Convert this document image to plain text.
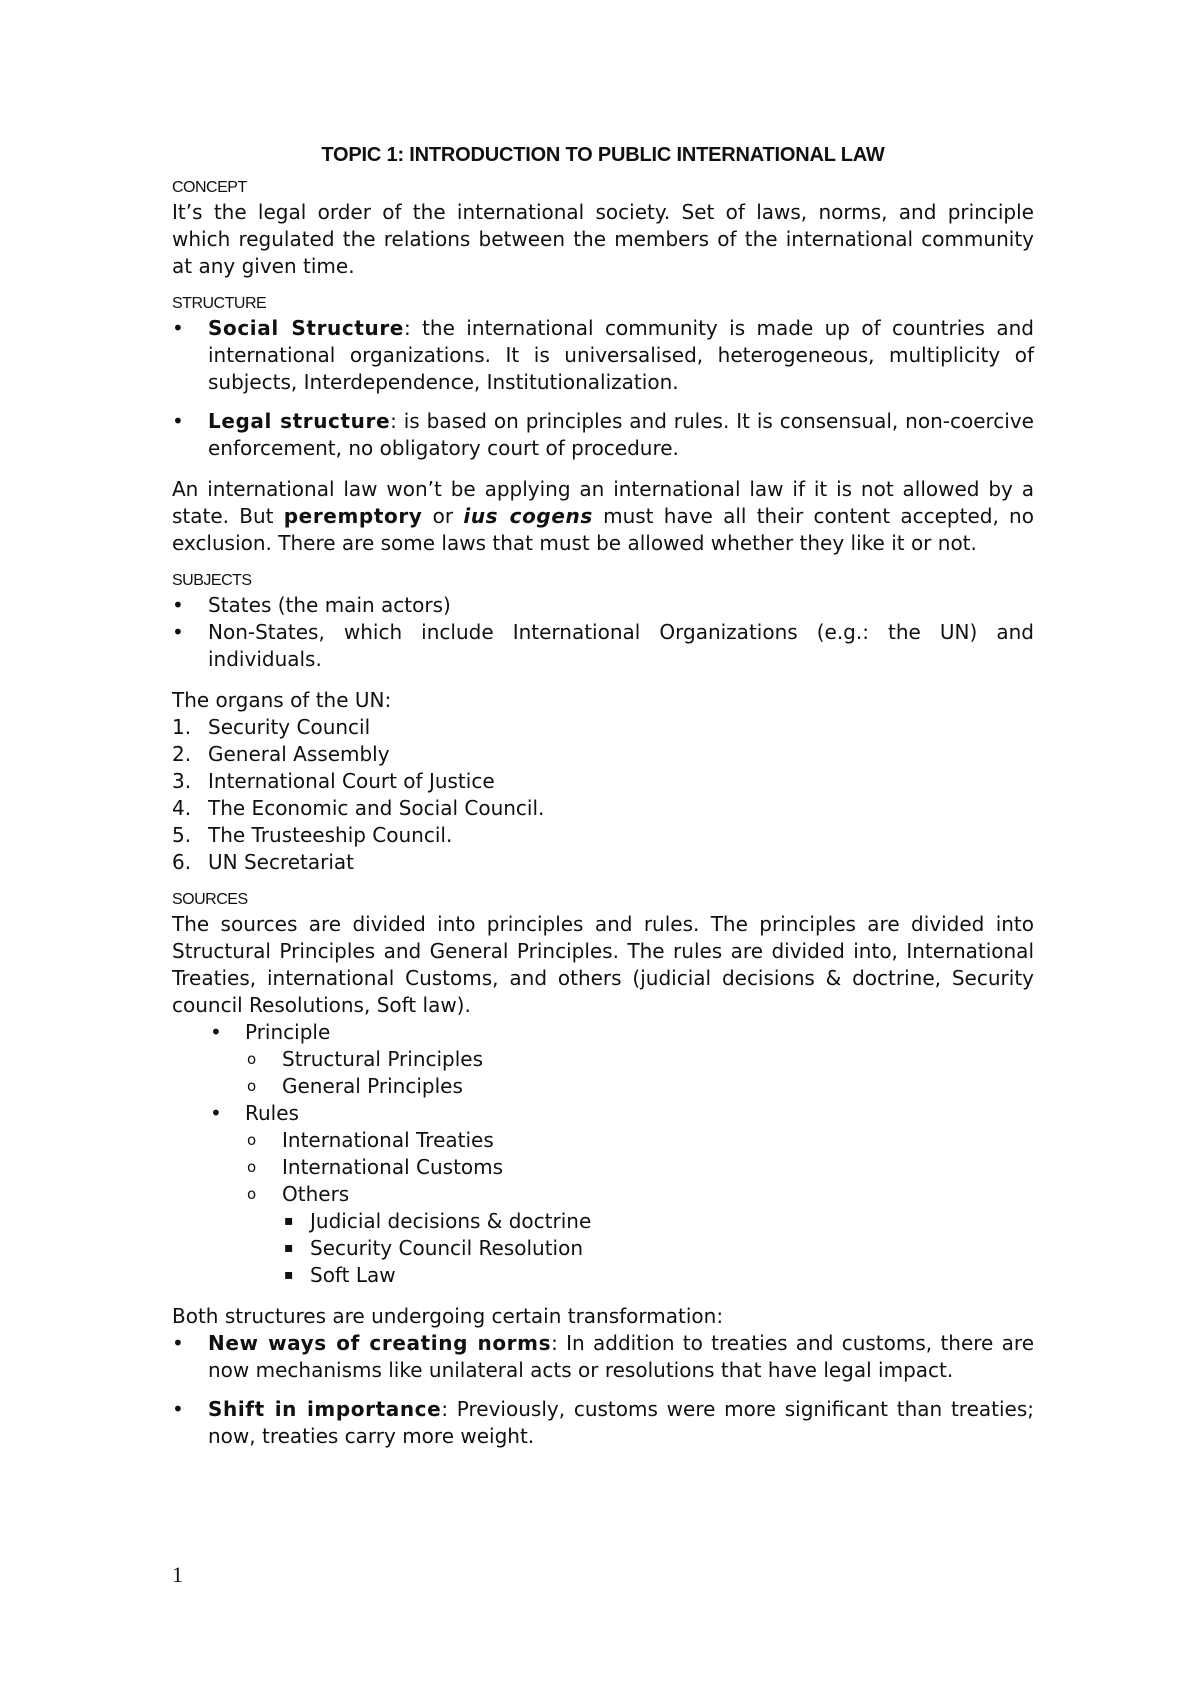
TOPIC 1: INTRODUCTION TO PUBLIC INTERNATIONAL LAW
CONCEPT

It’s the legal order of the international society. Set of laws, norms, and principle which regulated the relations between the members of the international community at any given time.

STRUCTURE
•	Social Structure: the international community is made up of countries and international organizations. It is universalised, heterogeneous, multiplicity of subjects, Interdependence, Institutionalization.
•	Legal structure: is based on principles and rules. It is consensual, non-coercive enforcement, no obligatory court of procedure.

An international law won’t be applying an international law if it is not allowed by a state. But peremptory or ius cogens must have all their content accepted, no exclusion. There are some laws that must be allowed whether they like it or not.

SUBJECTS
•	States (the main actors)
•	Non-States, which include International Organizations (e.g.: the UN) and individuals.

The organs of the UN:

1. Security Council
2. General Assembly
3. International Court of Justice
4. The Economic and Social Council.
5. The Trusteeship Council.
6. UN Secretariat
SOURCES

The sources are divided into principles and rules. The principles are divided into Structural Principles and General Principles. The rules are divided into, International Treaties, international Customs, and others (judicial decisions & doctrine, Security council Resolutions, Soft law).

• Principle
o Structural Principles
o General Principles
• Rules
o International Treaties
o International Customs
o Others
▪ Judicial decisions & doctrine
▪ Security Council Resolution
▪ Soft Law

Both structures are undergoing certain transformation:

•	New ways of creating norms: In addition to treaties and customs, there are now mechanisms like unilateral acts or resolutions that have legal impact.
•	Shift in importance: Previously, customs were more significant than treaties; now, treaties carry more weight.
1
